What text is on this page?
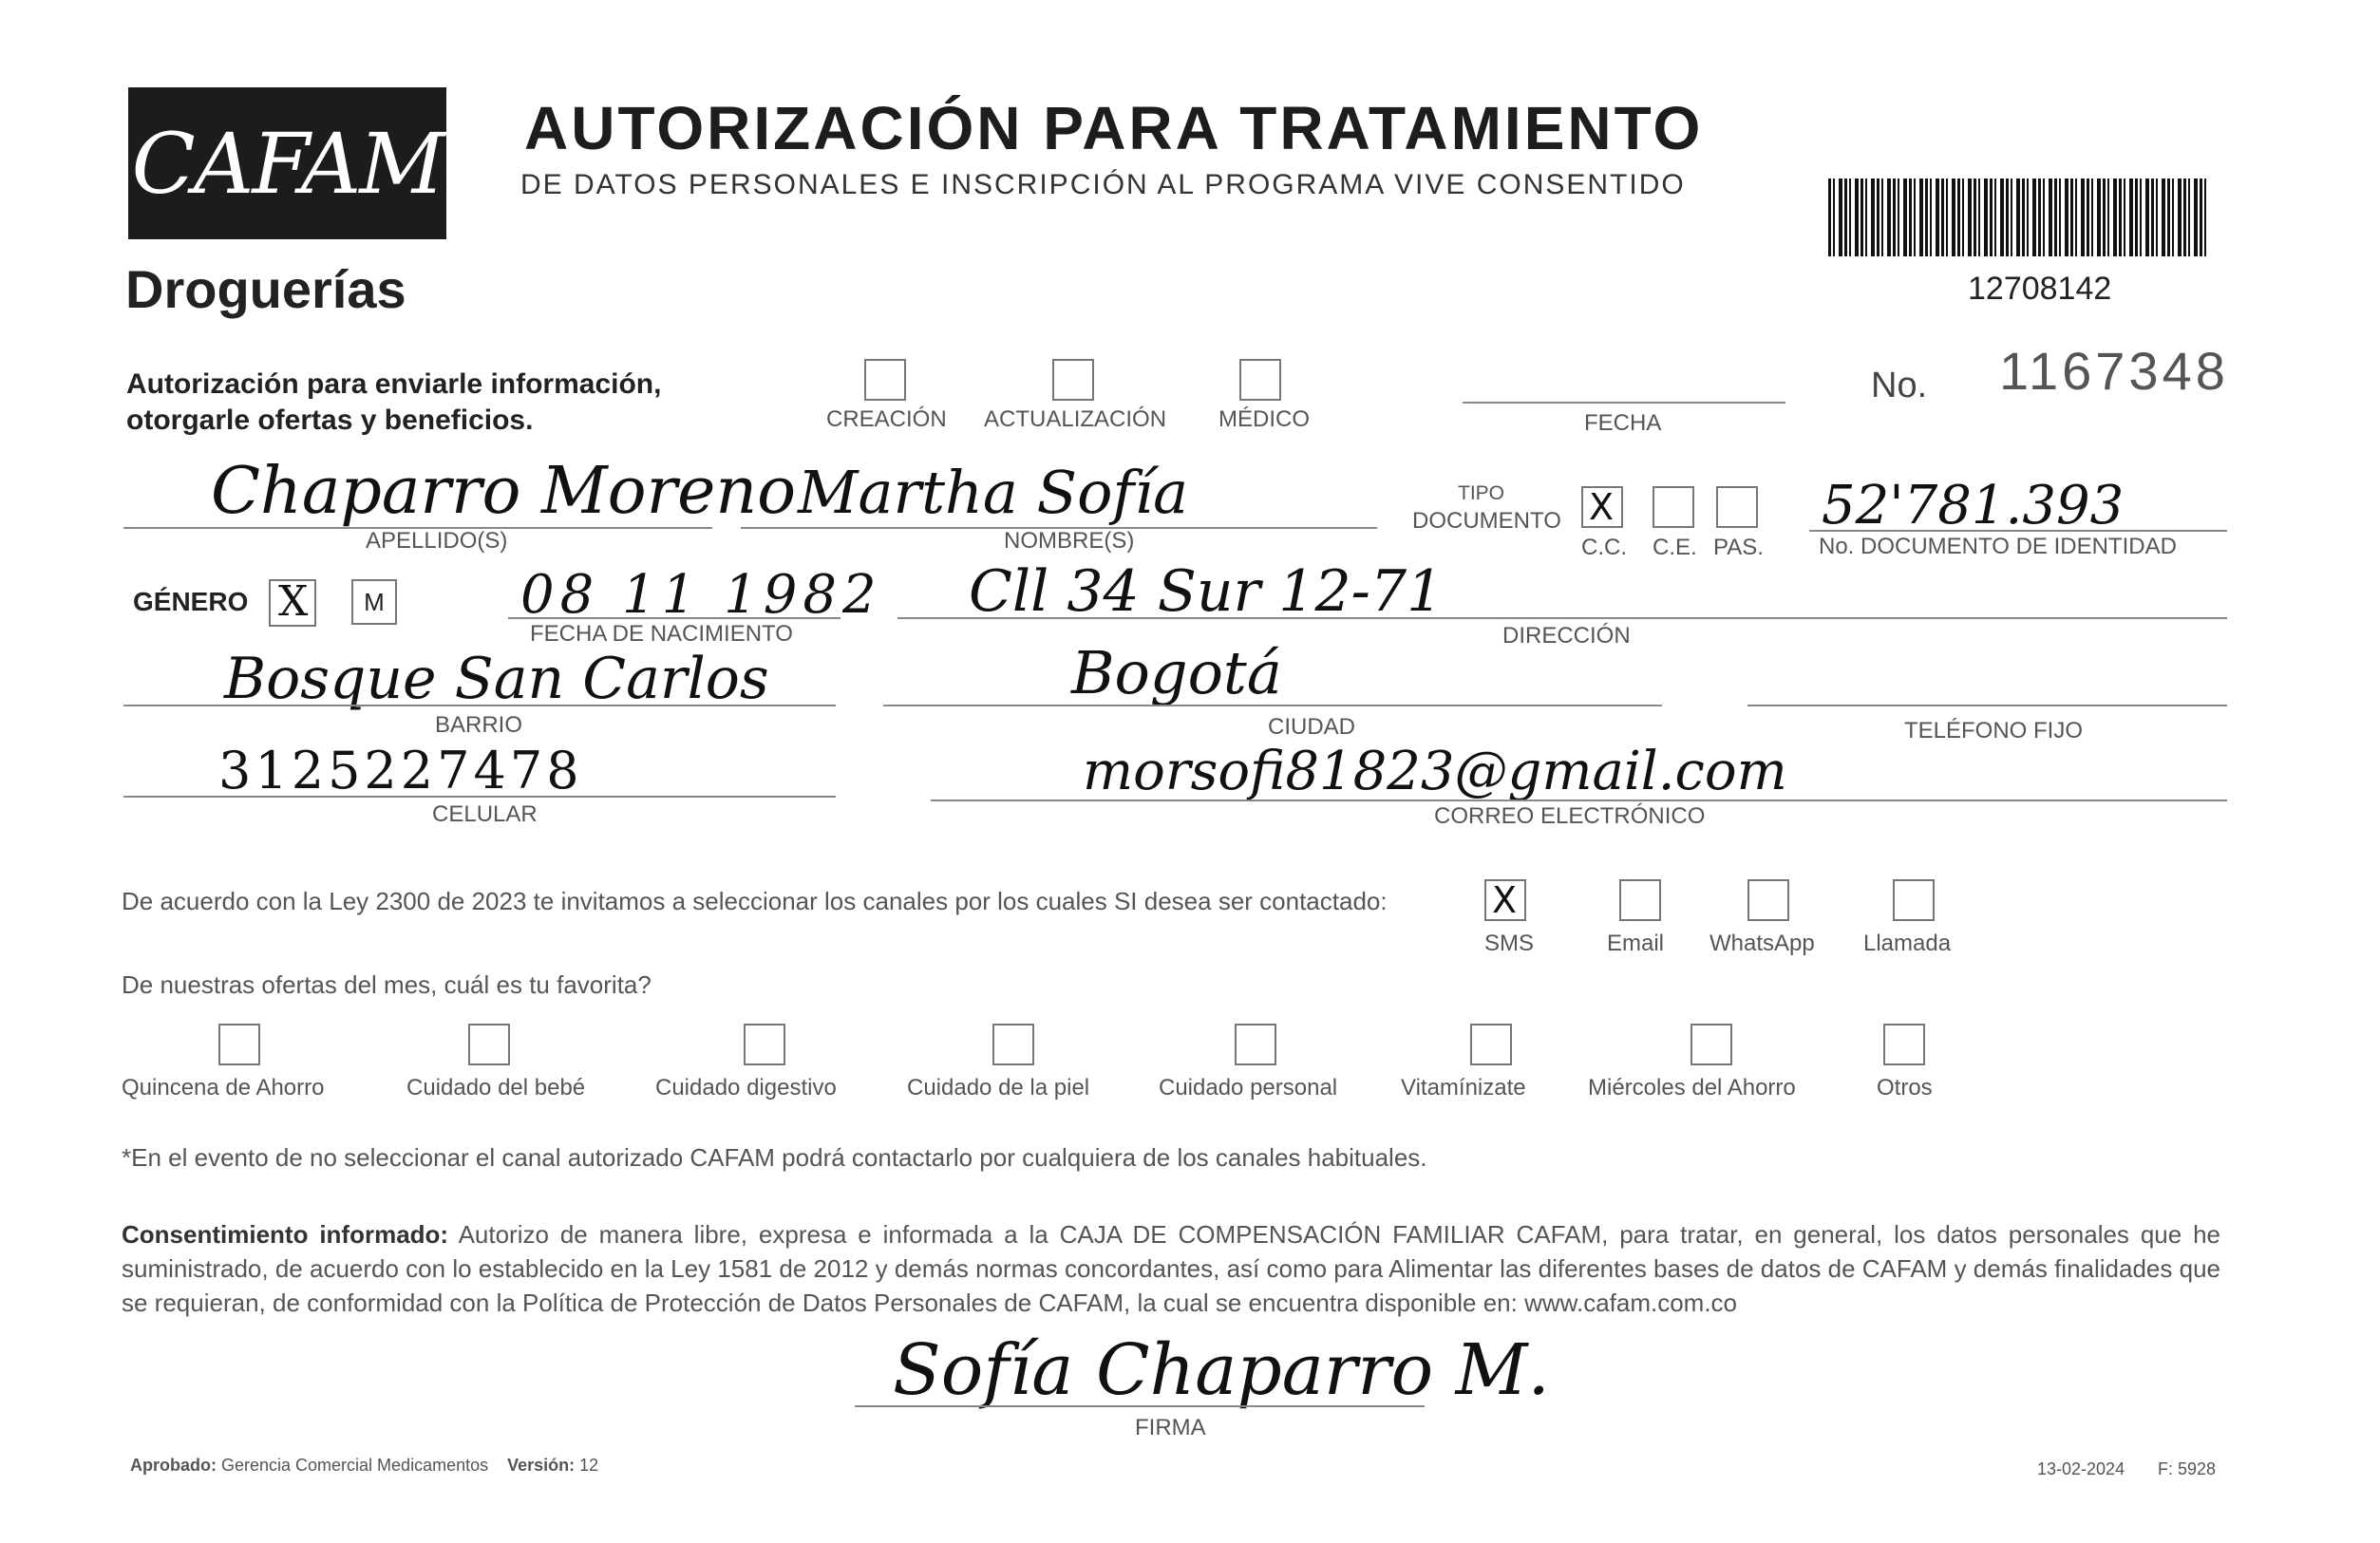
CAFAM
Droguerías
AUTORIZACIÓN PARA TRATAMIENTO
DE DATOS PERSONALES E INSCRIPCIÓN AL PROGRAMA VIVE CONSENTIDO
12708142
No. 1167348
Autorización para enviarle información,
otorgarle ofertas y beneficios.	CREACIÓN ACTUALIZACIÓN MÉDICO	FECHA
Chaparro Moreno
APELLIDO(S)
Martha Sofía
NOMBRE(S)
TIPO
DOCUMENTO
X
C.C. C.E. PAS.
52'781.393
No. DOCUMENTO DE IDENTIDAD
GÉNERO X	M	08 11 1982
FECHA DE NACIMIENTO
Cll 34 Sur 12-71
DIRECCIÓN
Bosque San Carlos
BARRIO
Bogotá
CIUDAD	TELÉFONO FIJO
3125227478
CELULAR
morsofi81823@gmail.com
CORREO ELECTRÓNICO
De acuerdo con la Ley 2300 de 2023 te invitamos a seleccionar los canales por los cuales SI desea ser contactado:
X
SMS	Email WhatsApp Llamada
De nuestras ofertas del mes, cuál es tu favorita?
Quincena de Ahorro	Cuidado del bebé	Cuidado digestivo	Cuidado de la piel	Cuidado personal	Vitamínizate	Miércoles del Ahorro	Otros
*En el evento de no seleccionar el canal autorizado CAFAM podrá contactarlo por cualquiera de los canales habituales.
Consentimiento informado: Autorizo de manera libre, expresa e informada a la CAJA DE COMPENSACIÓN FAMILIAR CAFAM, para tratar, en general, los datos personales que he suministrado, de acuerdo con lo establecido en la Ley 1581 de 2012 y demás normas concordantes, así como para Alimentar las diferentes bases de datos de CAFAM y demás finalidades que se requieran, de conformidad con la Política de Protección de Datos Personales de CAFAM, la cual se encuentra disponible en: www.cafam.com.co
Sofía Chaparro M.
FIRMA
Aprobado: Gerencia Comercial Medicamentos Versión: 12	13-02-2024 F: 5928
